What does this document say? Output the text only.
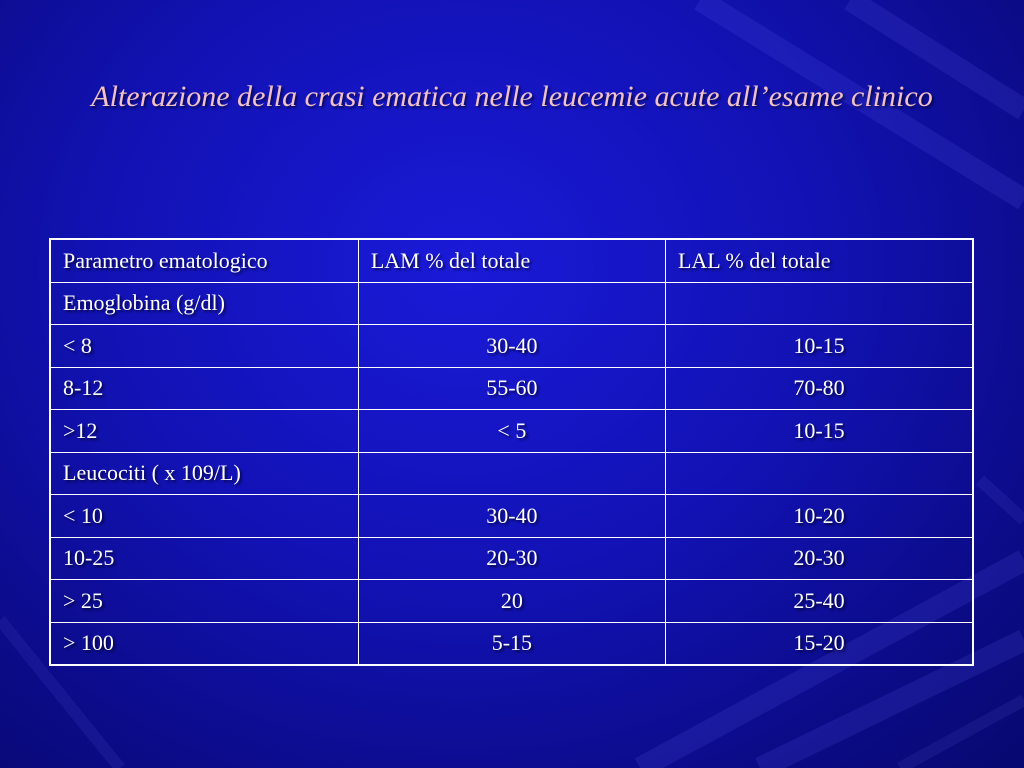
Alterazione della crasi ematica nelle leucemie acute all’esame clinico
Parametro ematologico	LAM % del totale	LAL % del totale
Emoglobina (g/dl)		
< 8	30-40	10-15
8-12	55-60	70-80
>12	< 5	10-15
Leucociti ( x 109/L)		
< 10	30-40	10-20
10-25	20-30	20-30
> 25	20	25-40
> 100	5-15	15-20
